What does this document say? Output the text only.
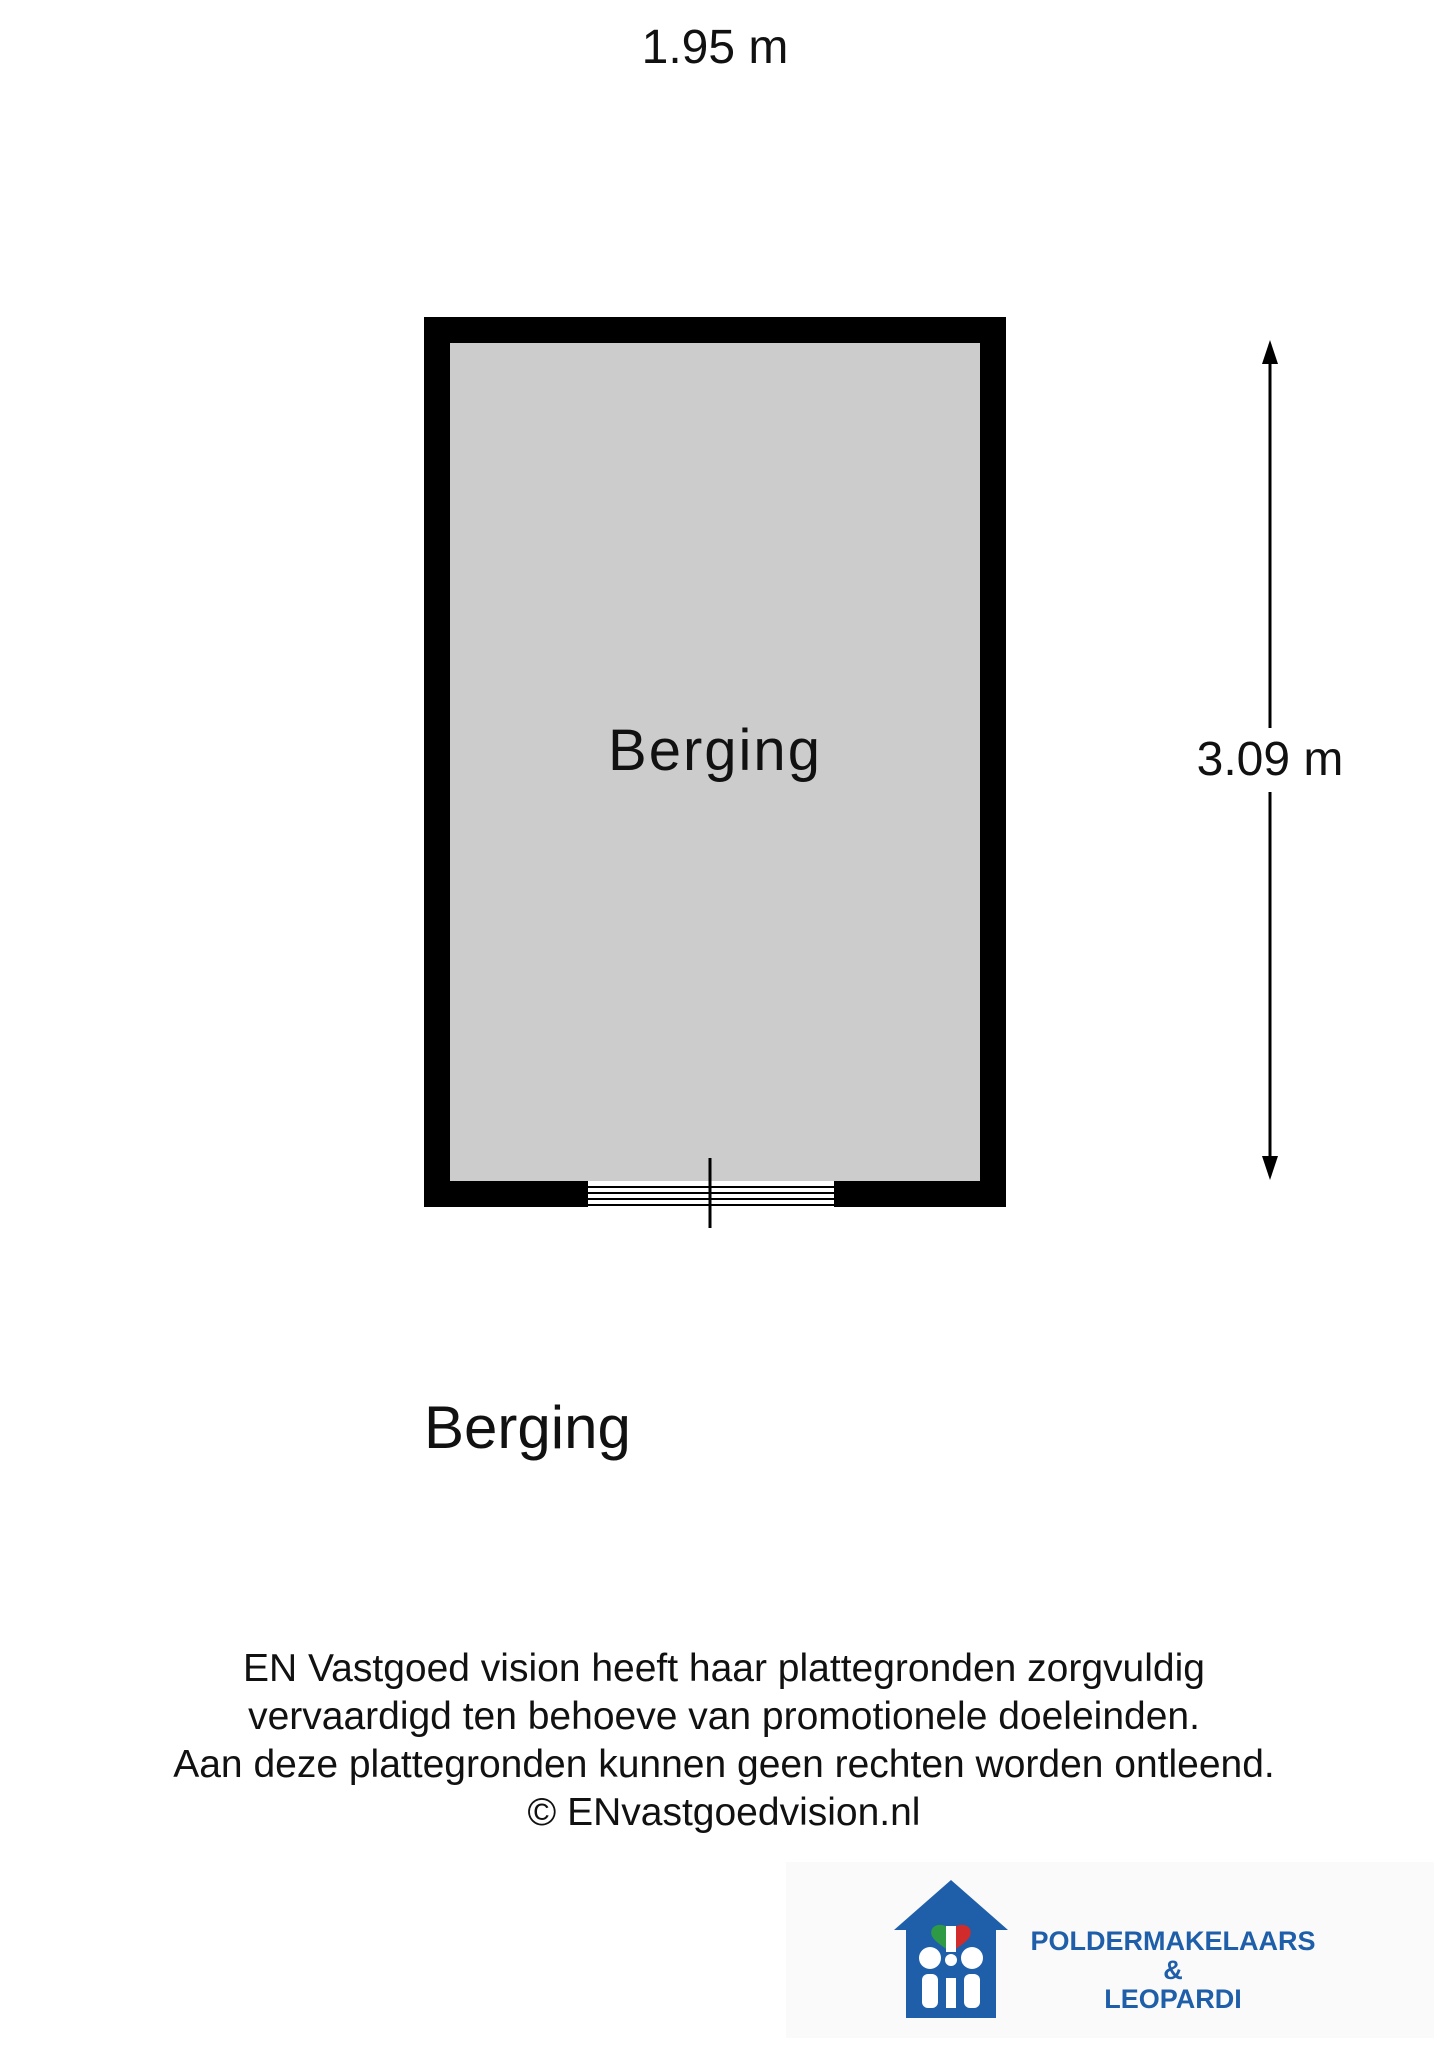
1.95 m
3.09 m
Berging
Berging
EN Vastgoed vision heeft haar plattegronden zorgvuldig
vervaardigd ten behoeve van promotionele doeleinden.
Aan deze plattegronden kunnen geen rechten worden ontleend.
© ENvastgoedvision.nl
POLDERMAKELAARS
&
LEOPARDI
